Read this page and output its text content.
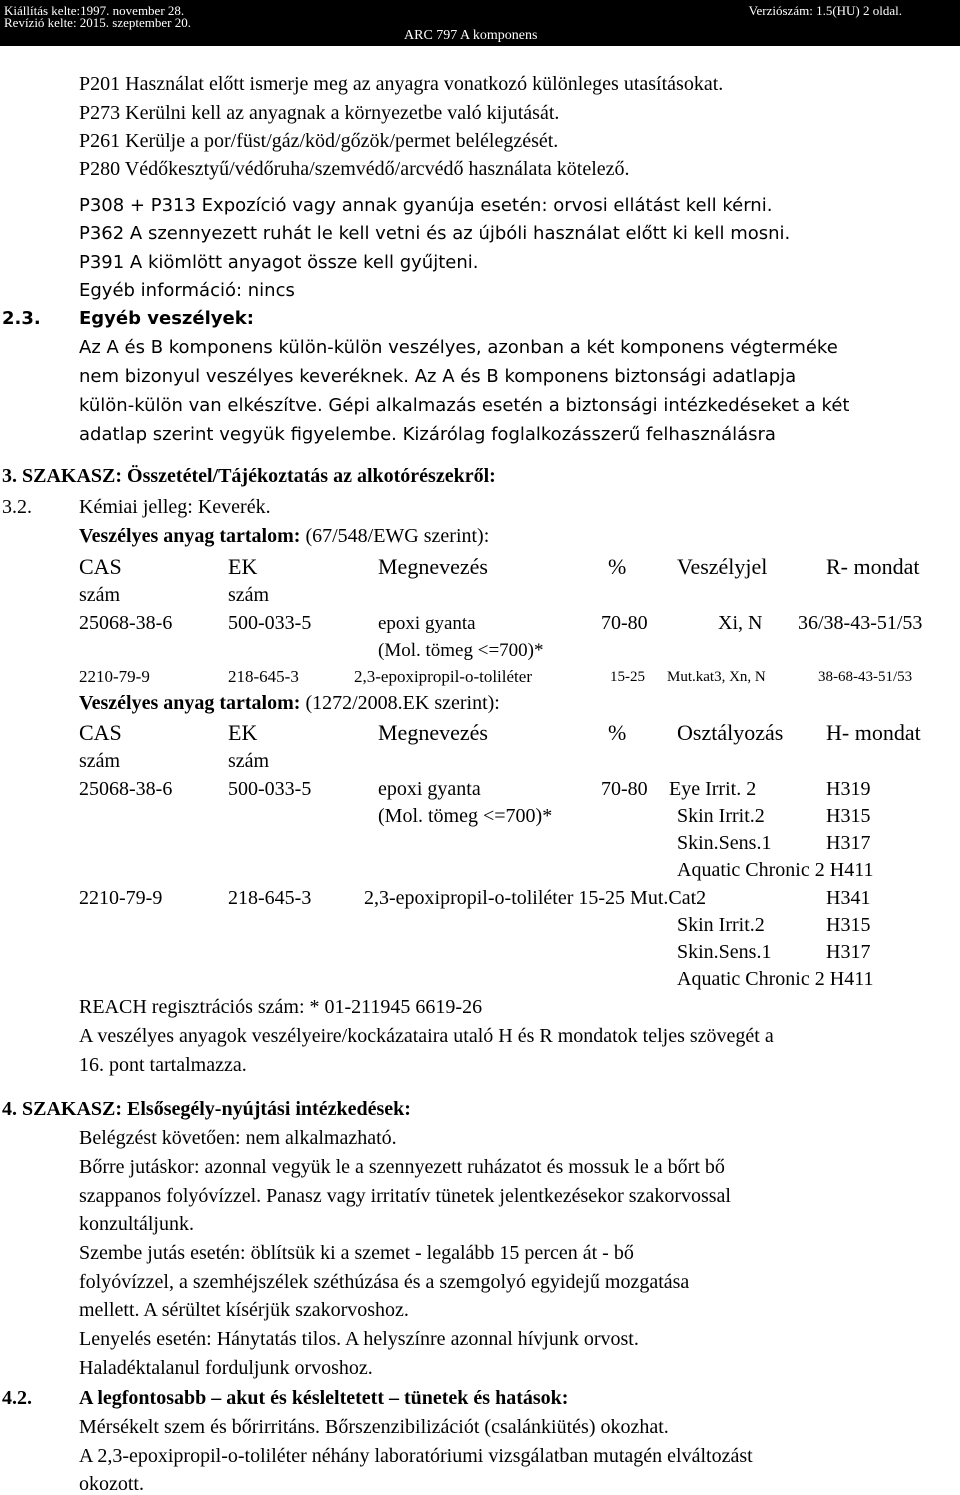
Kiállítás kelte:1997. november 28.
Revízió kelte: 2015. szeptember 20.
Verziószám: 1.5(HU) 2 oldal.
ARC 797 A komponens
P201 Használat előtt ismerje meg az anyagra vonatkozó különleges utasításokat.
P273 Kerülni kell az anyagnak a környezetbe való kijutását.
P261 Kerülje a por/füst/gáz/köd/gőzök/permet belélegzését.
P280 Védőkesztyű/védőruha/szemvédő/arcvédő használata kötelező.
P308 + P313 Expozíció vagy annak gyanúja esetén: orvosi ellátást kell kérni.
P362 A szennyezett ruhát le kell vetni és az újbóli használat előtt ki kell mosni.
P391 A kiömlött anyagot össze kell gyűjteni.
Egyéb információ: nincs
2.3. Egyéb veszélyek:
Az A és B komponens külön-külön veszélyes, azonban a két komponens végterméke
nem bizonyul veszélyes keveréknek. Az A és B komponens biztonsági adatlapja
külön-külön van elkészítve. Gépi alkalmazás esetén a biztonsági intézkedéseket a két
adatlap szerint vegyük figyelembe. Kizárólag foglalkozásszerű felhasználásra
3. SZAKASZ: Összetétel/Tájékoztatás az alkotórészekről:
3.2. Kémiai jelleg: Keverék.
Veszélyes anyag tartalom: (67/548/EWG szerint):
CAS	EK	Megnevezés	% Veszélyjel	R- mondat
szám	szám
25068-38-6	500-033-5	epoxi gyanta	70-80	Xi, N 36/38-43-51/53
(Mol. tömeg <=700)*
2210-79-9	218-645-3	2,3-epoxipropil-o-toliléter	15-25 Mut.kat3, Xn, N	38-68-43-51/53
Veszélyes anyag tartalom: (1272/2008.EK szerint):
CAS	EK	Megnevezés	% Osztályozás H- mondat
szám	szám
25068-38-6	500-033-5	epoxi gyanta	70-80 Eye Irrit. 2	H319
(Mol. tömeg <=700)*	Skin Irrit.2	H315
Skin.Sens.1	H317
Aquatic Chronic 2 H411
2210-79-9	218-645-3	2,3-epoxipropil-o-toliléter 15-25 Mut.Cat2	H341
Skin Irrit.2	H315
Skin.Sens.1	H317
Aquatic Chronic 2 H411
REACH regisztrációs szám: * 01-211945 6619-26
A veszélyes anyagok veszélyeire/kockázataira utaló H és R mondatok teljes szövegét a
16. pont tartalmazza.
4. SZAKASZ: Elsősegély-nyújtási intézkedések:
Belégzést követően: nem alkalmazható.
Bőrre jutáskor: azonnal vegyük le a szennyezett ruházatot és mossuk le a bőrt bő
szappanos folyóvízzel. Panasz vagy irritatív tünetek jelentkezésekor szakorvossal
konzultáljunk.
Szembe jutás esetén: öblítsük ki a szemet - legalább 15 percen át - bő
folyóvízzel, a szemhéjszélek széthúzása és a szemgolyó egyidejű mozgatása
mellett. A sérültet kísérjük szakorvoshoz.
Lenyelés esetén: Hánytatás tilos. A helyszínre azonnal hívjunk orvost.
Haladéktalanul forduljunk orvoshoz.
4.2. A legfontosabb – akut és késleltetett – tünetek és hatások:
Mérsékelt szem és bőrirritáns. Bőrszenzibilizációt (csalánkiütés) okozhat.
A 2,3-epoxipropil-o-toliléter néhány laboratóriumi vizsgálatban mutagén elváltozást
okozott.
